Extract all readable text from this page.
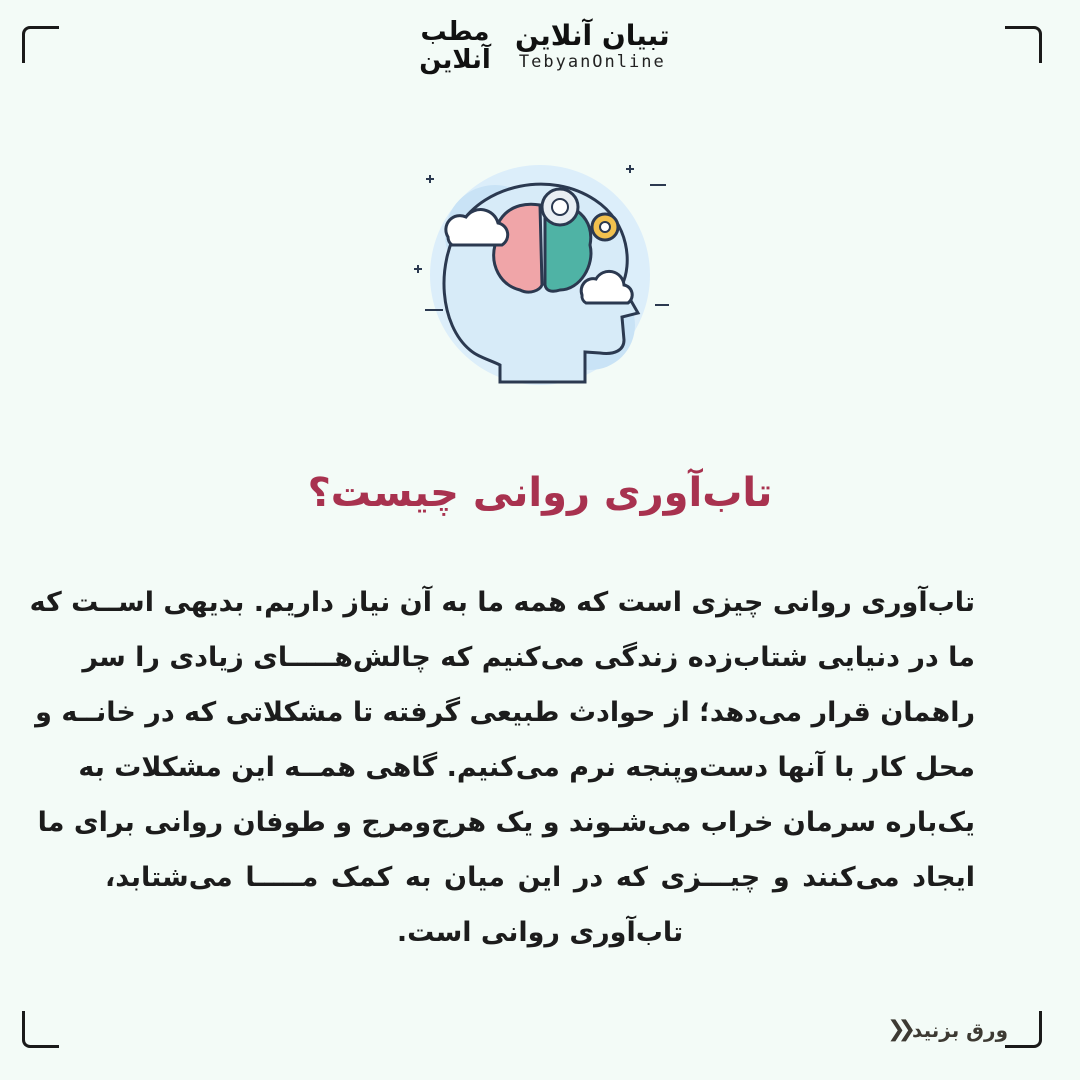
مطب آنلاین
تبیان آنلاین
TebyanOnline
تاب‌آوری روانی چیست؟
تاب‌آوری روانی چیزی است که همه ما به آن نیاز داریم. بدیهی اســت که
ما در دنیایی شتاب‌زده زندگی می‌کنیم که چالش‌هـــــای زیادی را سر
راهمان قرار می‌دهد؛ از حوادث طبیعی گرفته تا مشکلاتی که در خانــه و
محل کار با آنها دست‌وپنجه نرم می‌کنیم. گاهی همــه این مشکلات به
یک‌باره سرمان خراب می‌شـوند و یک هرج‌ومرج و طوفان روانی برای ما
ایجاد می‌کنند و چیـــزی که در این میان به کمک مـــــا می‌شتابد،
تاب‌آوری روانی است.
ورق بزنید
❮❮
